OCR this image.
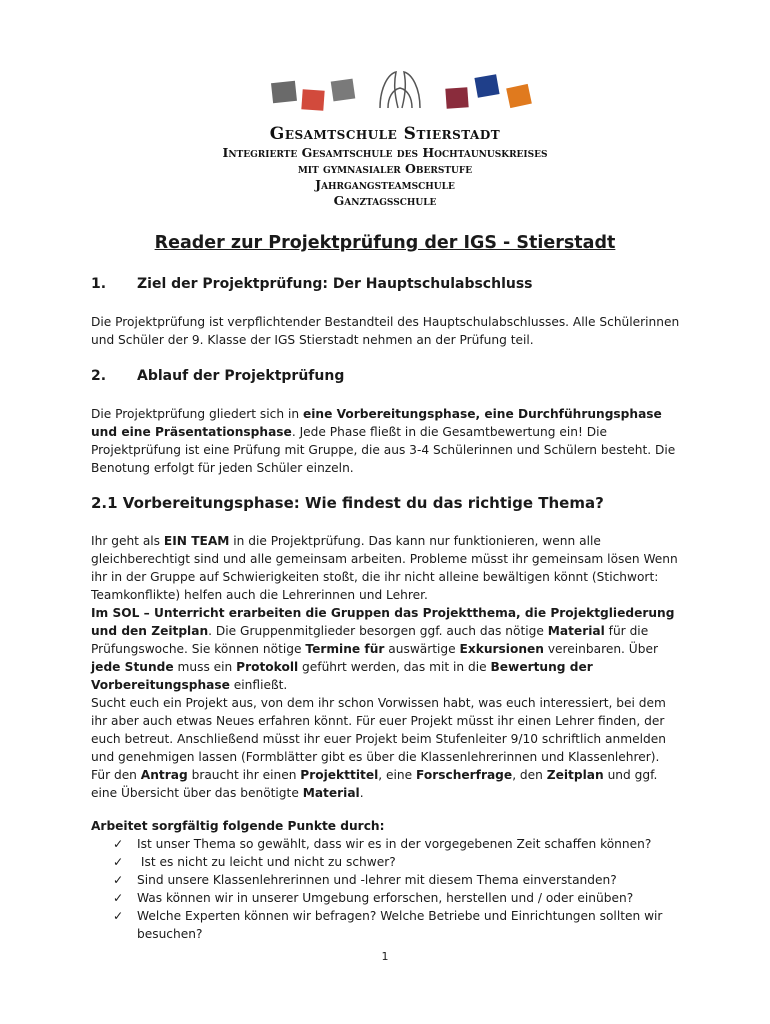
Gesamtschule Stierstadt
Integrierte Gesamtschule des Hochtaunuskreises
mit gymnasialer Oberstufe
Jahrgangsteamschule
Ganztagsschule
Reader zur Projektprüfung der IGS - Stierstadt
1. Ziel der Projektprüfung: Der Hauptschulabschluss
Die Projektprüfung ist verpflichtender Bestandteil des Hauptschulabschlusses. Alle Schülerinnen und Schüler der 9. Klasse der IGS Stierstadt nehmen an der Prüfung teil.
2. Ablauf der Projektprüfung
Die Projektprüfung gliedert sich in eine Vorbereitungsphase, eine Durchführungsphase und eine Präsentationsphase. Jede Phase fließt in die Gesamtbewertung ein! Die Projektprüfung ist eine Prüfung mit Gruppe, die aus 3-4 Schülerinnen und Schülern besteht. Die Benotung erfolgt für jeden Schüler einzeln.
2.1 Vorbereitungsphase: Wie findest du das richtige Thema?
Ihr geht als EIN TEAM in die Projektprüfung. Das kann nur funktionieren, wenn alle gleichberechtigt sind und alle gemeinsam arbeiten. Probleme müsst ihr gemeinsam lösen Wenn ihr in der Gruppe auf Schwierigkeiten stoßt, die ihr nicht alleine bewältigen könnt (Stichwort: Teamkonflikte) helfen auch die Lehrerinnen und Lehrer.
Im SOL – Unterricht erarbeiten die Gruppen das Projektthema, die Projektgliederung und den Zeitplan. Die Gruppenmitglieder besorgen ggf. auch das nötige Material für die Prüfungswoche. Sie können nötige Termine für auswärtige Exkursionen vereinbaren. Über jede Stunde muss ein Protokoll geführt werden, das mit in die Bewertung der Vorbereitungsphase einfließt.
Sucht euch ein Projekt aus, von dem ihr schon Vorwissen habt, was euch interessiert, bei dem ihr aber auch etwas Neues erfahren könnt. Für euer Projekt müsst ihr einen Lehrer finden, der euch betreut. Anschließend müsst ihr euer Projekt beim Stufenleiter 9/10 schriftlich anmelden und genehmigen lassen (Formblätter gibt es über die Klassenlehrerinnen und Klassenlehrer). Für den Antrag braucht ihr einen Projekttitel, eine Forscherfrage, den Zeitplan und ggf. eine Übersicht über das benötigte Material.
Arbeitet sorgfältig folgende Punkte durch:
✓	Ist unser Thema so gewählt, dass wir es in der vorgegebenen Zeit schaffen können?
✓	Ist es nicht zu leicht und nicht zu schwer?
✓	Sind unsere Klassenlehrerinnen und -lehrer mit diesem Thema einverstanden?
✓	Was können wir in unserer Umgebung erforschen, herstellen und / oder einüben?
✓	Welche Experten können wir befragen? Welche Betriebe und Einrichtungen sollten wir besuchen?
1
